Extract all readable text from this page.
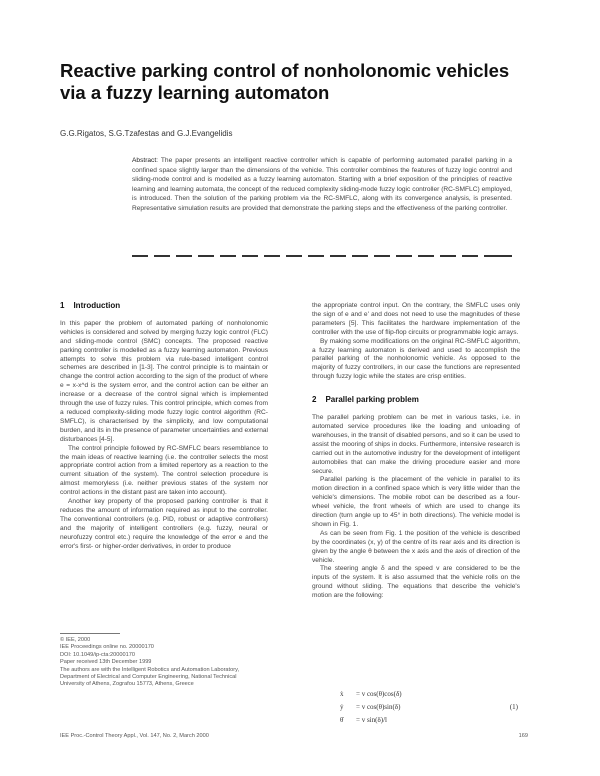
Reactive parking control of nonholonomic vehicles via a fuzzy learning automaton
G.G.Rigatos, S.G.Tzafestas and G.J.Evangelidis
Abstract: The paper presents an intelligent reactive controller which is capable of performing automated parallel parking in a confined space slightly larger than the dimensions of the vehicle. This controller combines the features of fuzzy logic control and sliding-mode control and is modelled as a fuzzy learning automaton. Starting with a brief exposition of the principles of reactive learning and learning automata, the concept of the reduced complexity sliding-mode fuzzy logic controller (RC-SMFLC) employed, is introduced. Then the solution of the parking problem via the RC-SMFLC, along with its convergence analysis, is presented. Representative simulation results are provided that demonstrate the parking steps and the effectiveness of the parking controller.
1 Introduction

In this paper the problem of automated parking of nonholonomic vehicles is considered and solved by merging fuzzy logic control (FLC) and sliding-mode control (SMC) concepts. The proposed reactive parking controller is modelled as a fuzzy learning automaton. Previous attempts to solve this problem via rule-based intelligent control schemes are described in [1-3]. The control principle is to maintain or change the control action according to the sign of the product of where e = x-x^d is the system error, and the control action can be either an increase or a decrease of the control signal which is implemented through the use of fuzzy rules. This control principle, which comes from a reduced complexity-sliding mode fuzzy logic control algorithm (RC-SMFLC), is characterised by the simplicity, and low computational burden, and its in the presence of parameter uncertainties and external disturbances [4-5].

The control principle followed by RC-SMFLC bears resemblance to the main ideas of reactive learning (i.e. the controller selects the most appropriate control action from a limited repertory as a reaction to the current situation of the system). The control selection procedure is almost memoryless (i.e. neither previous states of the system nor control actions in the distant past are taken into account).

Another key property of the proposed parking controller is that it reduces the amount of information required as input to the controller. The conventional controllers (e.g. PID, robust or adaptive controllers) and the majority of intelligent controllers (e.g. fuzzy, neural or neurofuzzy control etc.) require the knowledge of the error e and the error's first- or higher-order derivatives, in order to produce

© IEE, 2000
IEE Proceedings online no. 20000170
DOI: 10.1049/ip-cta:20000170
Paper received 13th December 1999
The authors are with the Intelligent Robotics and Automation Laboratory, Department of Electrical and Computer Engineering, National Technical
University of Athens, Zografou 15773, Athens, Greece

the appropriate control input. On the contrary, the SMFLC uses only the sign of e and e' and does not need to use the magnitudes of these parameters [5]. This facilitates the hardware implementation of the controller with the use of flip-flop circuits or programmable logic arrays.

By making some modifications on the original RC-SMFLC algorithm, a fuzzy learning automaton is derived and used to accomplish the parallel parking of the nonholonomic vehicle. As opposed to the majority of fuzzy controllers, in our case the functions are represented through fuzzy logic while the states are crisp entities.

2 Parallel parking problem

The parallel parking problem can be met in various tasks, i.e. in automated service procedures like the loading and unloading of warehouses, in the transit of disabled persons, and so it can be used to assist the mooring of ships in docks. Furthermore, intensive research is carried out in the automotive industry for the development of intelligent automobiles that can make the driving procedure easier and more secure.

Parallel parking is the placement of the vehicle in parallel to its motion direction in a confined space which is very little wider than the vehicle's dimensions. The mobile robot can be described as a four-wheel vehicle, the front wheels of which are used to change its direction (turn angle up to 45° in both directions). The vehicle model is shown in Fig. 1.

As can be seen from Fig. 1 the position of the vehicle is described by the coordinates (x, y) of the centre of its rear axis and its direction is given by the angle θ between the x axis and the axis of direction of the vehicle.

The steering angle δ and the speed v are considered to be the inputs of the system. It is also assumed that the vehicle rolls on the ground without sliding. The equations that describe the vehicle's motion are the following:

ẋ = v cos(θ)cos(δ)
ẏ = v cos(θ)sin(δ)	(1)
θ̇ = v sin(δ)/l
IEE Proc.-Control Theory Appl., Vol. 147, No. 2, March 2000	169
